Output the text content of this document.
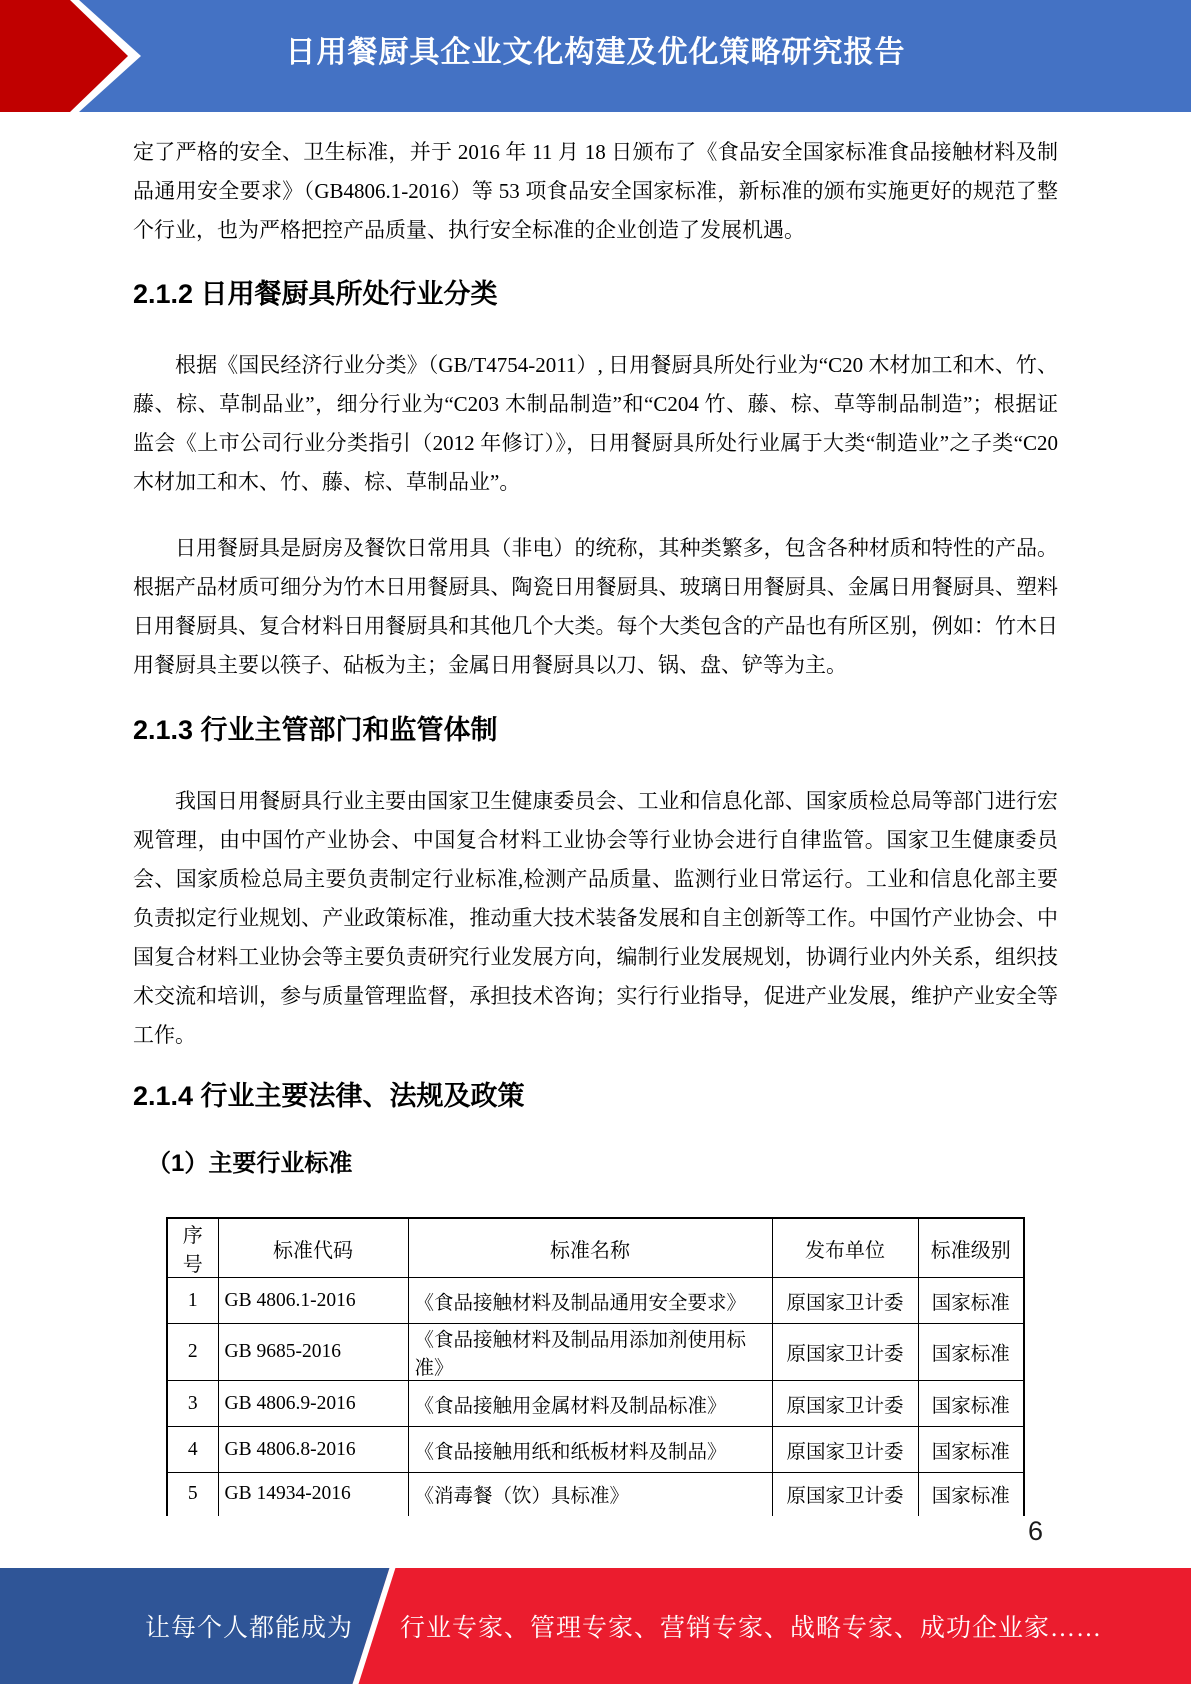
日用餐厨具企业文化构建及优化策略研究报告

定了严格的安全、卫生标准，并于 2016 年 11 月 18 日颁布了《食品安全国家标准食品接触材料及制品通用安全要求》（GB4806.1-2016）等 53 项食品安全国家标准，新标准的颁布实施更好的规范了整个行业，也为严格把控产品质量、执行安全标准的企业创造了发展机遇。

2.1.2 日用餐厨具所处行业分类

根据《国民经济行业分类》（GB/T4754-2011）, 日用餐厨具所处行业为“C20 木材加工和木、竹、藤、棕、草制品业”，细分行业为“C203 木制品制造”和“C204 竹、藤、棕、草等制品制造”；根据证监会《上市公司行业分类指引（2012 年修订）》，日用餐厨具所处行业属于大类“制造业”之子类“C20 木材加工和木、竹、藤、棕、草制品业”。

日用餐厨具是厨房及餐饮日常用具（非电）的统称，其种类繁多，包含各种材质和特性的产品。根据产品材质可细分为竹木日用餐厨具、陶瓷日用餐厨具、玻璃日用餐厨具、金属日用餐厨具、塑料日用餐厨具、复合材料日用餐厨具和其他几个大类。每个大类包含的产品也有所区别，例如：竹木日用餐厨具主要以筷子、砧板为主；金属日用餐厨具以刀、锅、盘、铲等为主。

2.1.3 行业主管部门和监管体制

我国日用餐厨具行业主要由国家卫生健康委员会、工业和信息化部、国家质检总局等部门进行宏观管理，由中国竹产业协会、中国复合材料工业协会等行业协会进行自律监管。国家卫生健康委员会、国家质检总局主要负责制定行业标准,检测产品质量、监测行业日常运行。工业和信息化部主要负责拟定行业规划、产业政策标准，推动重大技术装备发展和自主创新等工作。中国竹产业协会、中国复合材料工业协会等主要负责研究行业发展方向，编制行业发展规划，协调行业内外关系，组织技术交流和培训，参与质量管理监督，承担技术咨询；实行行业指导，促进产业发展，维护产业安全等工作。

2.1.4 行业主要法律、法规及政策
（1）主要行业标准
序 号	标准代码	标准名称	发布单位	标准级别
1	GB 4806.1-2016	《食品接触材料及制品通用安全要求》	原国家卫计委	国家标准
2	GB 9685-2016	《食品接触材料及制品用添加剂使用标准》	原国家卫计委	国家标准
3	GB 4806.9-2016	《食品接触用金属材料及制品标准》	原国家卫计委	国家标准
4	GB 4806.8-2016	《食品接触用纸和纸板材料及制品》	原国家卫计委	国家标准
5	GB 14934-2016	《消毒餐（饮）具标准》	原国家卫计委	国家标准
6
让每个人都能成为 行业专家、管理专家、营销专家、战略专家、成功企业家……
